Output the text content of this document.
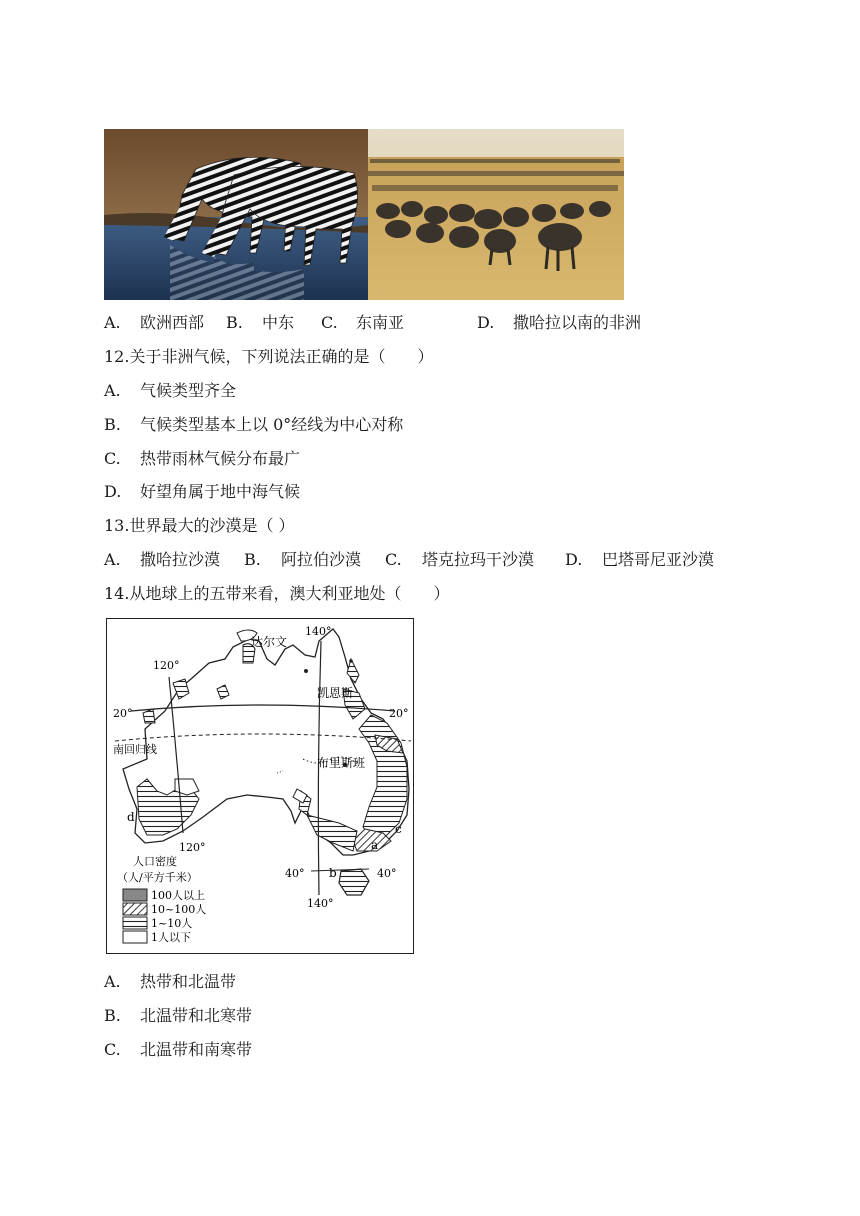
A. 欧洲西部 B. 中东 C. 东南亚	D. 撒哈拉以南的非洲
12.关于非洲气候，下列说法正确的是（　　）
A. 气候类型齐全
B. 气候类型基本上以 0°经线为中心对称
C. 热带雨林气候分布最广
D. 好望角属于地中海气候
13.世界最大的沙漠是（ ）
A. 撒哈拉沙漠 B. 阿拉伯沙漠 C. 塔克拉玛干沙漠 D. 巴塔哥尼亚沙漠
14.从地球上的五带来看，澳大利亚地处（　　）
达尔文
凯恩斯
布里斯班
南回归线
120°
140°
120°
140°
20°	20°
40°	40°
a
b
c
d
人口密度
（人/平方千米）
100人以上
10~100人
1~10人
1人以下
A. 热带和北温带
B. 北温带和北寒带
C. 北温带和南寒带
